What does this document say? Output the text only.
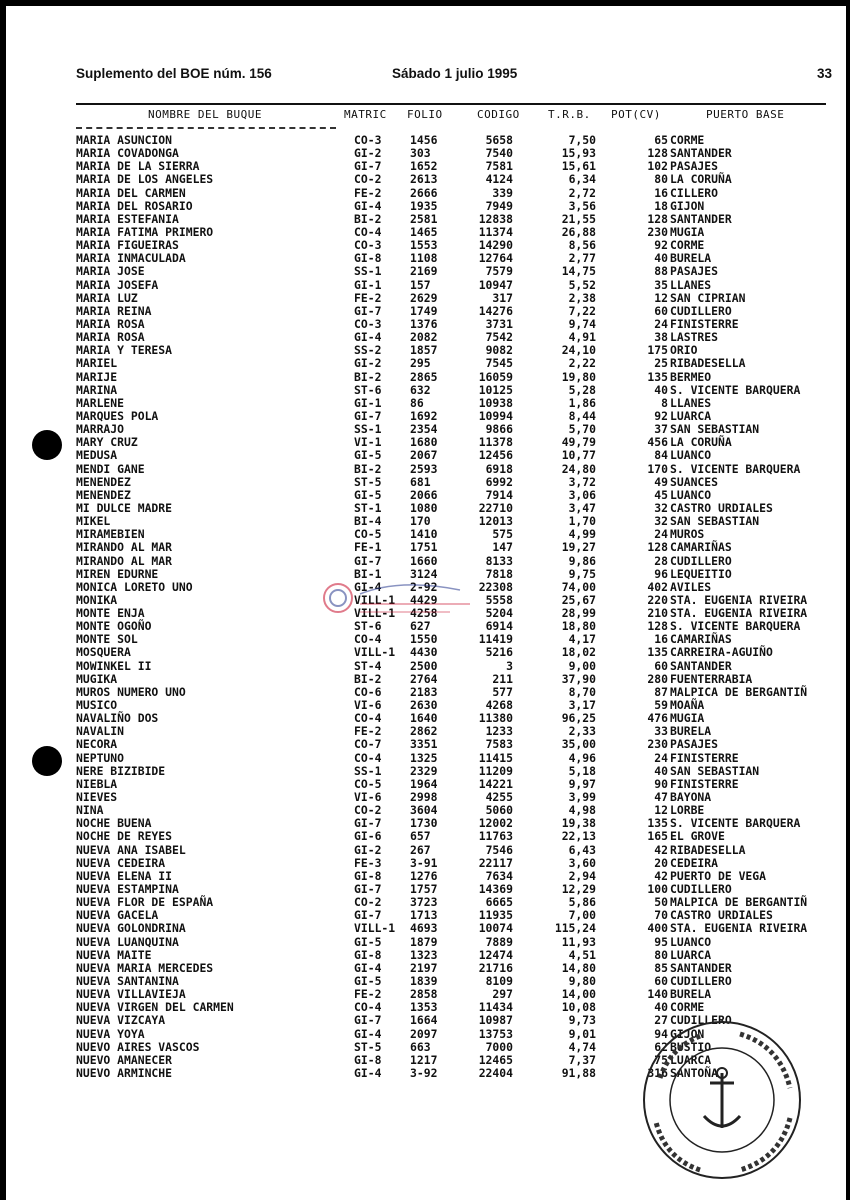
Suplemento del BOE núm. 156	Sábado 1 julio 1995	33
NOMBRE DEL BUQUE	MATRIC FOLIO	CODIGO	T.R.B. POT(CV)	PUERTO BASE
MARIA ASUNCION	CO-3	1456	5658	7,50	65 CORME
MARIA COVADONGA	GI-2	303	7540	15,93	128 SANTANDER
MARIA DE LA SIERRA	GI-7	1652	7581	15,61	102 PASAJES
MARIA DE LOS ANGELES	CO-2	2613	4124	6,34	80 LA CORUÑA
MARIA DEL CARMEN	FE-2	2666	339	2,72	16 CILLERO
MARIA DEL ROSARIO	GI-4	1935	7949	3,56	18 GIJON
MARIA ESTEFANIA	BI-2	2581	12838	21,55	128 SANTANDER
MARIA FATIMA PRIMERO	CO-4	1465	11374	26,88	230 MUGIA
MARIA FIGUEIRAS	CO-3	1553	14290	8,56	92 CORME
MARIA INMACULADA	GI-8	1108	12764	2,77	40 BURELA
MARIA JOSE	SS-1	2169	7579	14,75	88 PASAJES
MARIA JOSEFA	GI-1	157	10947	5,52	35 LLANES
MARIA LUZ	FE-2	2629	317	2,38	12 SAN CIPRIAN
MARIA REINA	GI-7	1749	14276	7,22	60 CUDILLERO
MARIA ROSA	CO-3	1376	3731	9,74	24 FINISTERRE
MARIA ROSA	GI-4	2082	7542	4,91	38 LASTRES
MARIA Y TERESA	SS-2	1857	9082	24,10	175 ORIO
MARIEL	GI-2	295	7545	2,22	25 RIBADESELLA
MARIJE	BI-2	2865	16059	19,80	135 BERMEO
MARINA	ST-6	632	10125	5,28	40 S. VICENTE BARQUERA
MARLENE	GI-1	86	10938	1,86	8 LLANES
MARQUES POLA	GI-7	1692	10994	8,44	92 LUARCA
MARRAJO	SS-1	2354	9866	5,70	37 SAN SEBASTIAN
MARY CRUZ	VI-1	1680	11378	49,79	456 LA CORUÑA
MEDUSA	GI-5	2067	12456	10,77	84 LUANCO
MENDI GANE	BI-2	2593	6918	24,80	170 S. VICENTE BARQUERA
MENENDEZ	ST-5	681	6992	3,72	49 SUANCES
MENENDEZ	GI-5	2066	7914	3,06	45 LUANCO
MI DULCE MADRE	ST-1	1080	22710	3,47	32 CASTRO URDIALES
MIKEL	BI-4	170	12013	1,70	32 SAN SEBASTIAN
MIRAMEBIEN	CO-5	1410	575	4,99	24 MUROS
MIRANDO AL MAR	FE-1	1751	147	19,27	128 CAMARIÑAS
MIRANDO AL MAR	GI-7	1660	8133	9,86	28 CUDILLERO
MIREN EDURNE	BI-1	3124	7818	9,75	96 LEQUEITIO
MONICA LORETO UNO	GI-4	2-92	22308	74,00	402 AVILES
MONIKA	VILL-1 4429	5558	25,67	220 STA. EUGENIA RIVEIRA
MONTE ENJA	VILL-1 4258	5204	28,99	210 STA. EUGENIA RIVEIRA
MONTE OGOÑO	ST-6	627	6914	18,80	128 S. VICENTE BARQUERA
MONTE SOL	CO-4	1550	11419	4,17	16 CAMARIÑAS
MOSQUERA	VILL-1 4430	5216	18,02	135 CARREIRA-AGUIÑO
MOWINKEL II	ST-4	2500	3	9,00	60 SANTANDER
MUGIKA	BI-2	2764	211	37,90	280 FUENTERRABIA
MUROS NUMERO UNO	CO-6	2183	577	8,70	87 MALPICA DE BERGANTIÑ
MUSICO	VI-6	2630	4268	3,17	59 MOAÑA
NAVALIÑO DOS	CO-4	1640	11380	96,25	476 MUGIA
NAVALIN	FE-2	2862	1233	2,33	33 BURELA
NECORA	CO-7	3351	7583	35,00	230 PASAJES
NEPTUNO	CO-4	1325	11415	4,96	24 FINISTERRE
NERE BIZIBIDE	SS-1	2329	11209	5,18	40 SAN SEBASTIAN
NIEBLA	CO-5	1964	14221	9,97	90 FINISTERRE
NIEVES	VI-6	2998	4255	3,99	47 BAYONA
NINA	CO-2	3604	5060	4,98	12 LORBE
NOCHE BUENA	GI-7	1730	12002	19,38	135 S. VICENTE BARQUERA
NOCHE DE REYES	GI-6	657	11763	22,13	165 EL GROVE
NUEVA ANA ISABEL	GI-2	267	7546	6,43	42 RIBADESELLA
NUEVA CEDEIRA	FE-3	3-91	22117	3,60	20 CEDEIRA
NUEVA ELENA II	GI-8	1276	7634	2,94	42 PUERTO DE VEGA
NUEVA ESTAMPINA	GI-7	1757	14369	12,29	100 CUDILLERO
NUEVA FLOR DE ESPAÑA	CO-2	3723	6665	5,86	50 MALPICA DE BERGANTIÑ
NUEVA GACELA	GI-7	1713	11935	7,00	70 CASTRO URDIALES
NUEVA GOLONDRINA	VILL-1 4693	10074	115,24	400 STA. EUGENIA RIVEIRA
NUEVA LUANQUINA	GI-5	1879	7889	11,93	95 LUANCO
NUEVA MAITE	GI-8	1323	12474	4,51	80 LUARCA
NUEVA MARIA MERCEDES	GI-4	2197	21716	14,80	85 SANTANDER
NUEVA SANTANINA	GI-5	1839	8109	9,80	60 CUDILLERO
NUEVA VILLAVIEJA	FE-2	2858	297	14,00	140 BURELA
NUEVA VIRGEN DEL CARMEN	CO-4	1353	11434	10,08	40 CORME
NUEVA VIZCAYA	GI-7	1664	10987	9,73	27 CUDILLERO
NUEVA YOYA	GI-4	2097	13753	9,01	94 GIJON
NUEVO AIRES VASCOS	ST-5	663	7000	4,74	62 BUSTIO
NUEVO AMANECER	GI-8	1217	12465	7,37	75 LUARCA
NUEVO ARMINCHE	GI-4	3-92	22404	91,88	316 SANTOÑA
